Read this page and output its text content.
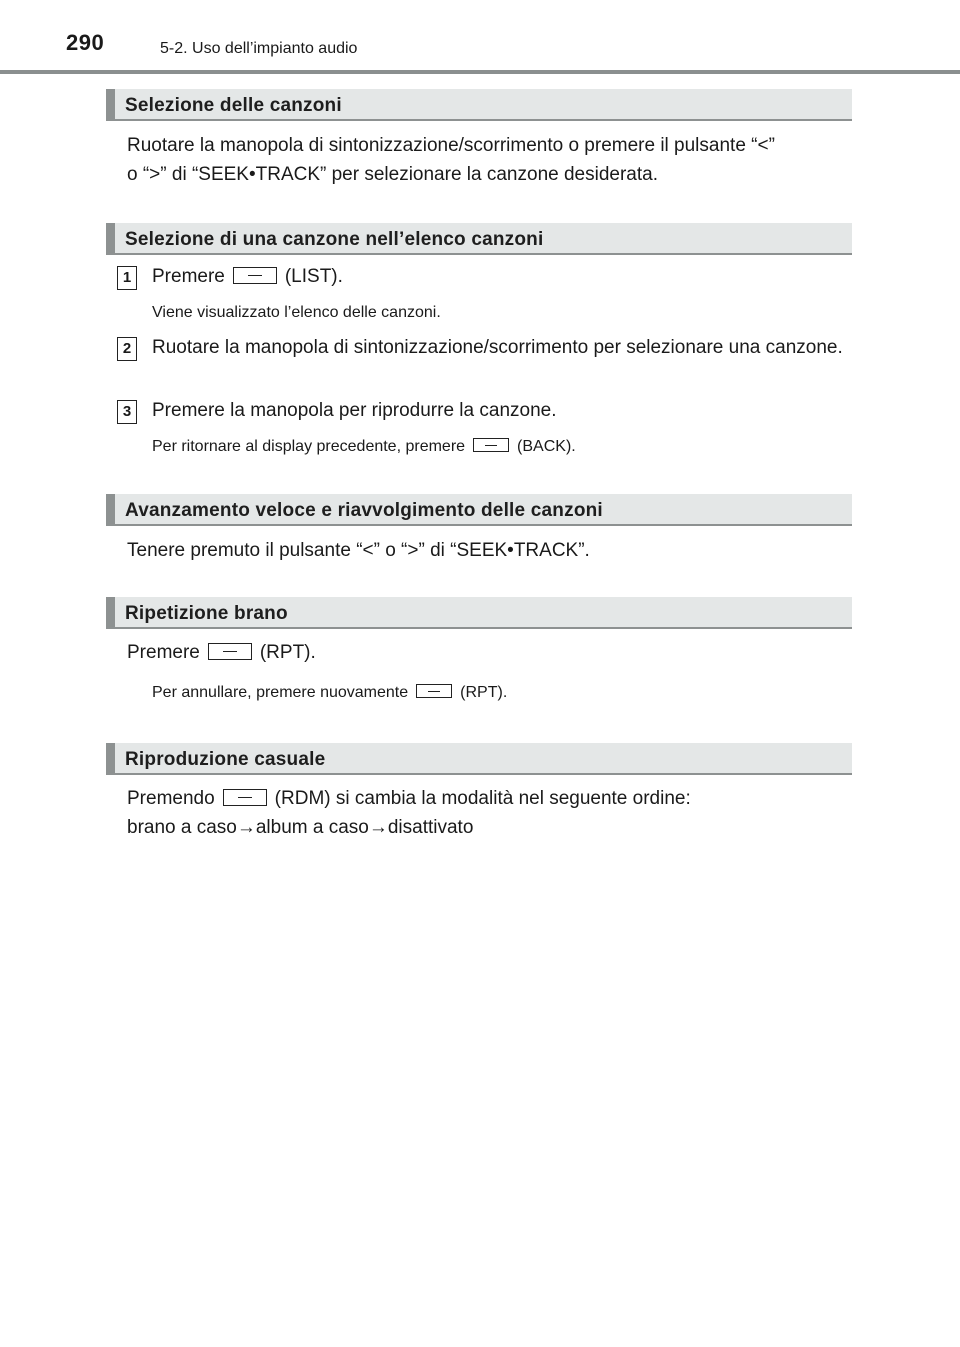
290	5-2. Uso dell’impianto audio
Selezione delle canzoni
Ruotare la manopola di sintonizzazione/scorrimento o premere il pulsante “<”
o “>” di “SEEK•TRACK” per selezionare la canzone desiderata.
Selezione di una canzone nell’elenco canzoni
1	Premere	(LIST).
Viene visualizzato l’elenco delle canzoni.
2	Ruotare la manopola di sintonizzazione/scorrimento per selezionare una canzone.
3	Premere la manopola per riprodurre la canzone.
Per ritornare al display precedente, premere	(BACK).
Avanzamento veloce e riavvolgimento delle canzoni
Tenere premuto il pulsante “<” o “>” di “SEEK•TRACK”.
Ripetizione brano
Premere	(RPT).
Per annullare, premere nuovamente	(RPT).
Riproduzione casuale
Premendo	(RDM) si cambia la modalità nel seguente ordine:
brano a caso→album a caso→disattivato
